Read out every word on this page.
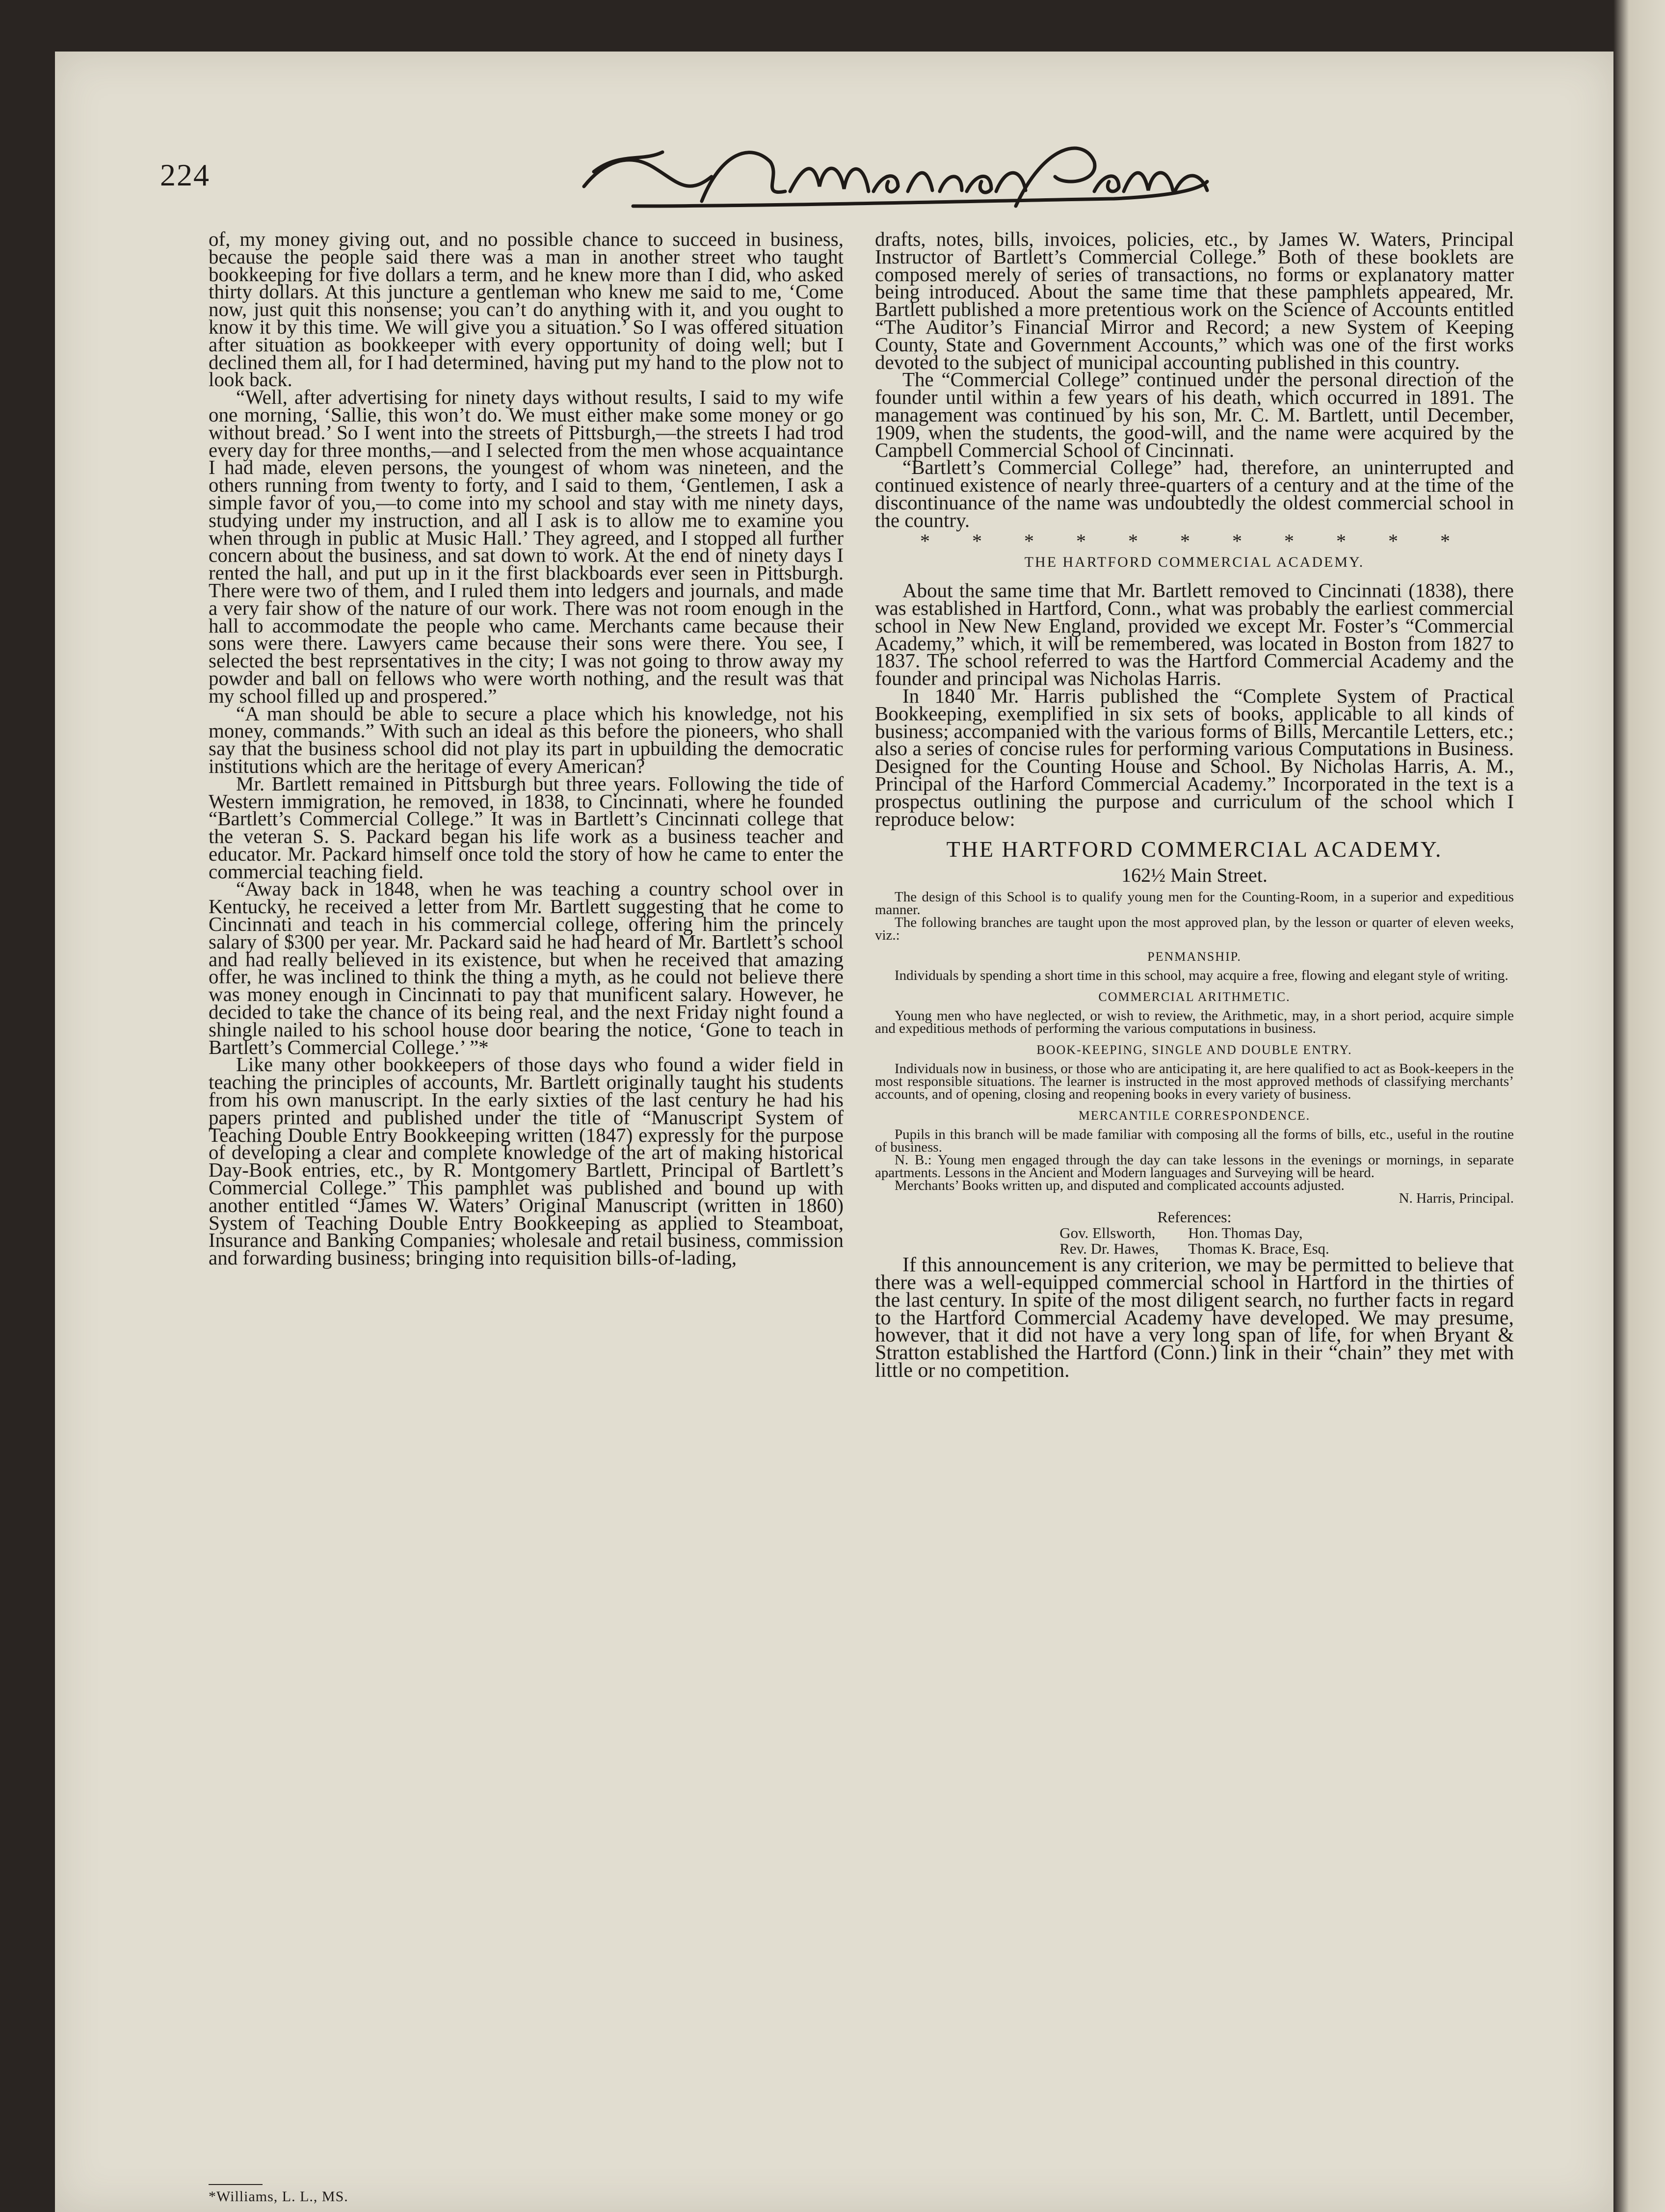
224

of, my money giving out, and no possible chance to succeed in business, because the people said there was a man in another street who taught bookkeeping for five dollars a term, and he knew more than I did, who asked thirty dollars. At this juncture a gentleman who knew me said to me, ‘Come now, just quit this nonsense; you can’t do anything with it, and you ought to know it by this time. We will give you a situation.’ So I was offered situation after situation as bookkeeper with every opportunity of doing well; but I declined them all, for I had determined, having put my hand to the plow not to look back.

“Well, after advertising for ninety days without results, I said to my wife one morning, ‘Sallie, this won’t do. We must either make some money or go without bread.’ So I went into the streets of Pittsburgh,—the streets I had trod every day for three months,—and I selected from the men whose acquaintance I had made, eleven persons, the youngest of whom was nineteen, and the others running from twenty to forty, and I said to them, ‘Gentlemen, I ask a simple favor of you,—to come into my school and stay with me ninety days, studying under my instruction, and all I ask is to allow me to examine you when through in public at Music Hall.’ They agreed, and I stopped all further concern about the business, and sat down to work. At the end of ninety days I rented the hall, and put up in it the first blackboards ever seen in Pittsburgh. There were two of them, and I ruled them into ledgers and journals, and made a very fair show of the nature of our work. There was not room enough in the hall to accommodate the people who came. Merchants came because their sons were there. Lawyers came because their sons were there. You see, I selected the best reprsentatives in the city; I was not going to throw away my powder and ball on fellows who were worth nothing, and the result was that my school filled up and prospered.”

“A man should be able to secure a place which his knowledge, not his money, commands.” With such an ideal as this before the pioneers, who shall say that the business school did not play its part in upbuilding the democratic institutions which are the heritage of every American?

Mr. Bartlett remained in Pittsburgh but three years. Following the tide of Western immigration, he removed, in 1838, to Cincinnati, where he founded “Bartlett’s Commercial College.” It was in Bartlett’s Cincinnati college that the veteran S. S. Packard began his life work as a business teacher and educator. Mr. Packard himself once told the story of how he came to enter the commercial teaching field.

“Away back in 1848, when he was teaching a country school over in Kentucky, he received a letter from Mr. Bartlett suggesting that he come to Cincinnati and teach in his commercial college, offering him the princely salary of $300 per year. Mr. Packard said he had heard of Mr. Bartlett’s school and had really believed in its existence, but when he received that amazing offer, he was inclined to think the thing a myth, as he could not believe there was money enough in Cincinnati to pay that munificent salary. However, he decided to take the chance of its being real, and the next Friday night found a shingle nailed to his school house door bearing the notice, ‘Gone to teach in Bartlett’s Commercial College.’ ”*

Like many other bookkeepers of those days who found a wider field in teaching the principles of accounts, Mr. Bartlett originally taught his students from his own manuscript. In the early sixties of the last century he had his papers printed and published under the title of “Manuscript System of Teaching Double Entry Bookkeeping written (1847) expressly for the purpose of developing a clear and complete knowledge of the art of making historical Day-Book entries, etc., by R. Montgomery Bartlett, Principal of Bartlett’s Commercial College.” This pamphlet was published and bound up with another entitled “James W. Waters’ Original Manuscript (written in 1860) System of Teaching Double Entry Bookkeeping as applied to Steamboat, Insurance and Banking Companies; wholesale and retail business, commission and forwarding business; bringing into requisition bills-of-lading,

drafts, notes, bills, invoices, policies, etc., by James W. Waters, Principal Instructor of Bartlett’s Commercial College.” Both of these booklets are composed merely of series of transactions, no forms or explanatory matter being introduced. About the same time that these pamphlets appeared, Mr. Bartlett published a more pretentious work on the Science of Accounts entitled “The Auditor’s Financial Mirror and Record; a new System of Keeping County, State and Government Accounts,” which was one of the first works devoted to the subject of municipal accounting published in this country.

The “Commercial College” continued under the personal direction of the founder until within a few years of his death, which occurred in 1891. The management was continued by his son, Mr. C. M. Bartlett, until December, 1909, when the students, the good-will, and the name were acquired by the Campbell Commercial School of Cincinnati.

“Bartlett’s Commercial College” had, therefore, an uninterrupted and continued existence of nearly three-quarters of a century and at the time of the discontinuance of the name was undoubtedly the oldest commercial school in the country.

* * * * * * * * * * *
THE HARTFORD COMMERCIAL ACADEMY.

About the same time that Mr. Bartlett removed to Cincinnati (1838), there was established in Hartford, Conn., what was probably the earliest commercial school in New New England, provided we except Mr. Foster’s “Commercial Academy,” which, it will be remembered, was located in Boston from 1827 to 1837. The school referred to was the Hartford Commercial Academy and the founder and principal was Nicholas Harris.

In 1840 Mr. Harris published the “Complete System of Practical Bookkeeping, exemplified in six sets of books, applicable to all kinds of business; accompanied with the various forms of Bills, Mercantile Letters, etc.; also a series of concise rules for performing various Computations in Business. Designed for the Counting House and School. By Nicholas Harris, A. M., Principal of the Harford Commercial Academy.” Incorporated in the text is a prospectus outlining the purpose and curriculum of the school which I reproduce below:

THE HARTFORD COMMERCIAL ACADEMY.
162½ Main Street.

The design of this School is to qualify young men for the Counting-Room, in a superior and expeditious manner.

The following branches are taught upon the most approved plan, by the lesson or quarter of eleven weeks, viz.:

PENMANSHIP.

Individuals by spending a short time in this school, may acquire a free, flowing and elegant style of writing.

COMMERCIAL ARITHMETIC.

Young men who have neglected, or wish to review, the Arithmetic, may, in a short period, acquire simple and expeditious methods of performing the various computations in business.

BOOK-KEEPING, SINGLE AND DOUBLE ENTRY.

Individuals now in business, or those who are anticipating it, are here qualified to act as Book-keepers in the most responsible situations. The learner is instructed in the most approved methods of classifying merchants’ accounts, and of opening, closing and reopening books in every variety of business.

MERCANTILE CORRESPONDENCE.

Pupils in this branch will be made familiar with composing all the forms of bills, etc., useful in the routine of business.

N. B.: Young men engaged through the day can take lessons in the evenings or mornings, in separate apartments. Lessons in the Ancient and Modern languages and Surveying will be heard.

Merchants’ Books written up, and disputed and complicated accounts adjusted.

N. Harris, Principal.
References:
Gov. Ellsworth,
Rev. Dr. Hawes,
Hon. Thomas Day,
Thomas K. Brace, Esq.

If this announcement is any criterion, we may be permitted to believe that there was a well-equipped commercial school in Hartford in the thirties of the last century. In spite of the most diligent search, no further facts in regard to the Hartford Commercial Academy have developed. We may presume, however, that it did not have a very long span of life, for when Bryant & Stratton established the Hartford (Conn.) link in their “chain” they met with little or no competition.

*Williams, L. L., MS.
